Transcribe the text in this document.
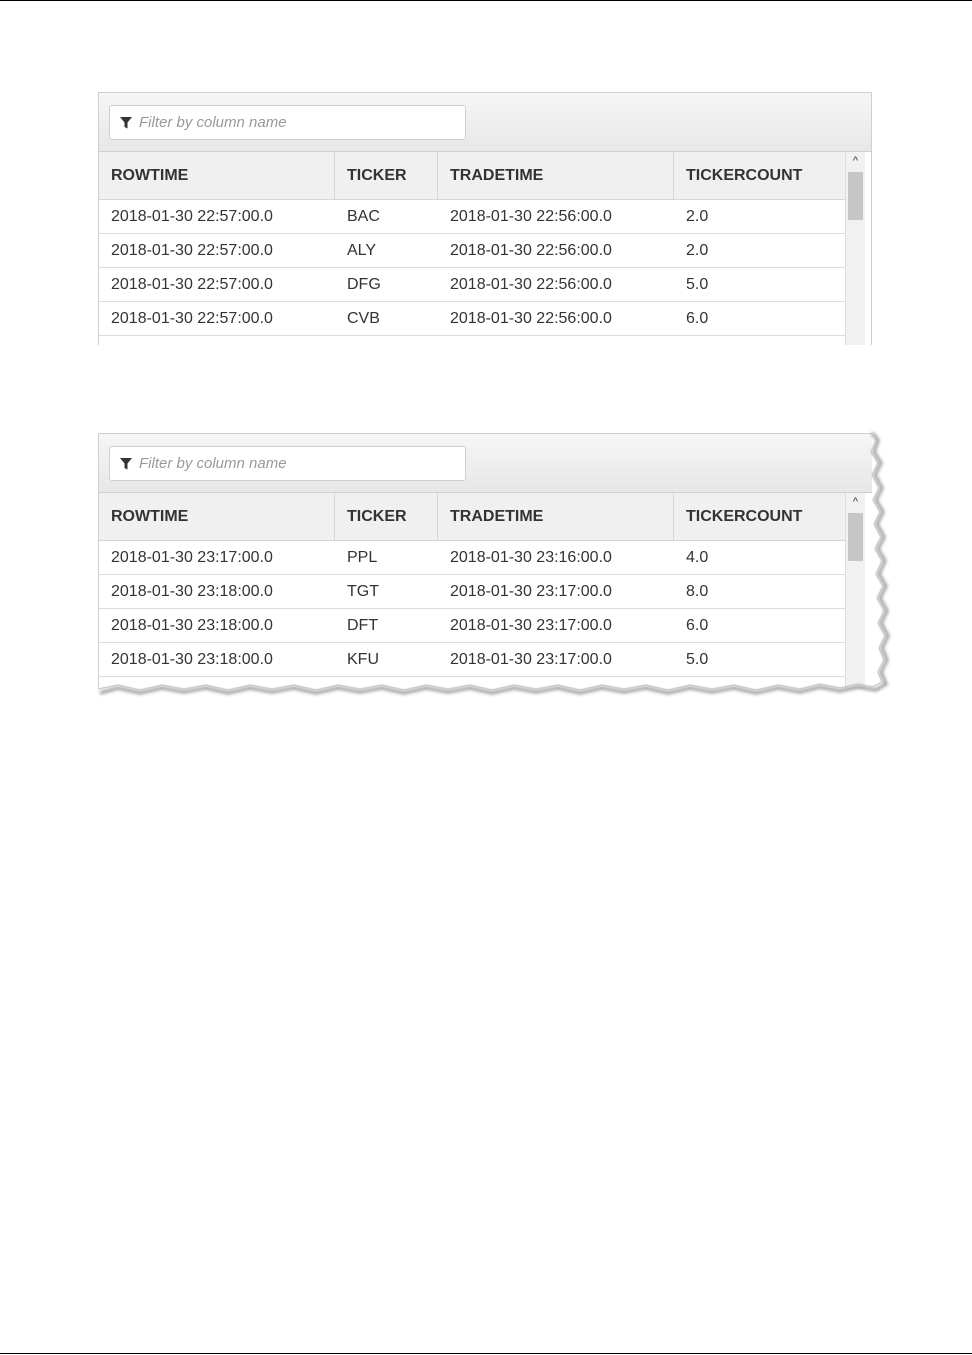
Filter by column name
ROWTIME	TICKER	TRADETIME	TICKERCOUNT
2018-01-30 22:57:00.0	BAC	2018-01-30 22:56:00.0	2.0
2018-01-30 22:57:00.0	ALY	2018-01-30 22:56:00.0	2.0
2018-01-30 22:57:00.0	DFG	2018-01-30 22:56:00.0	5.0
2018-01-30 22:57:00.0	CVB	2018-01-30 22:56:00.0	6.0
^
Filter by column name
ROWTIME	TICKER	TRADETIME	TICKERCOUNT
2018-01-30 23:17:00.0	PPL	2018-01-30 23:16:00.0	4.0
2018-01-30 23:18:00.0	TGT	2018-01-30 23:17:00.0	8.0
2018-01-30 23:18:00.0	DFT	2018-01-30 23:17:00.0	6.0
2018-01-30 23:18:00.0	KFU	2018-01-30 23:17:00.0	5.0
^
